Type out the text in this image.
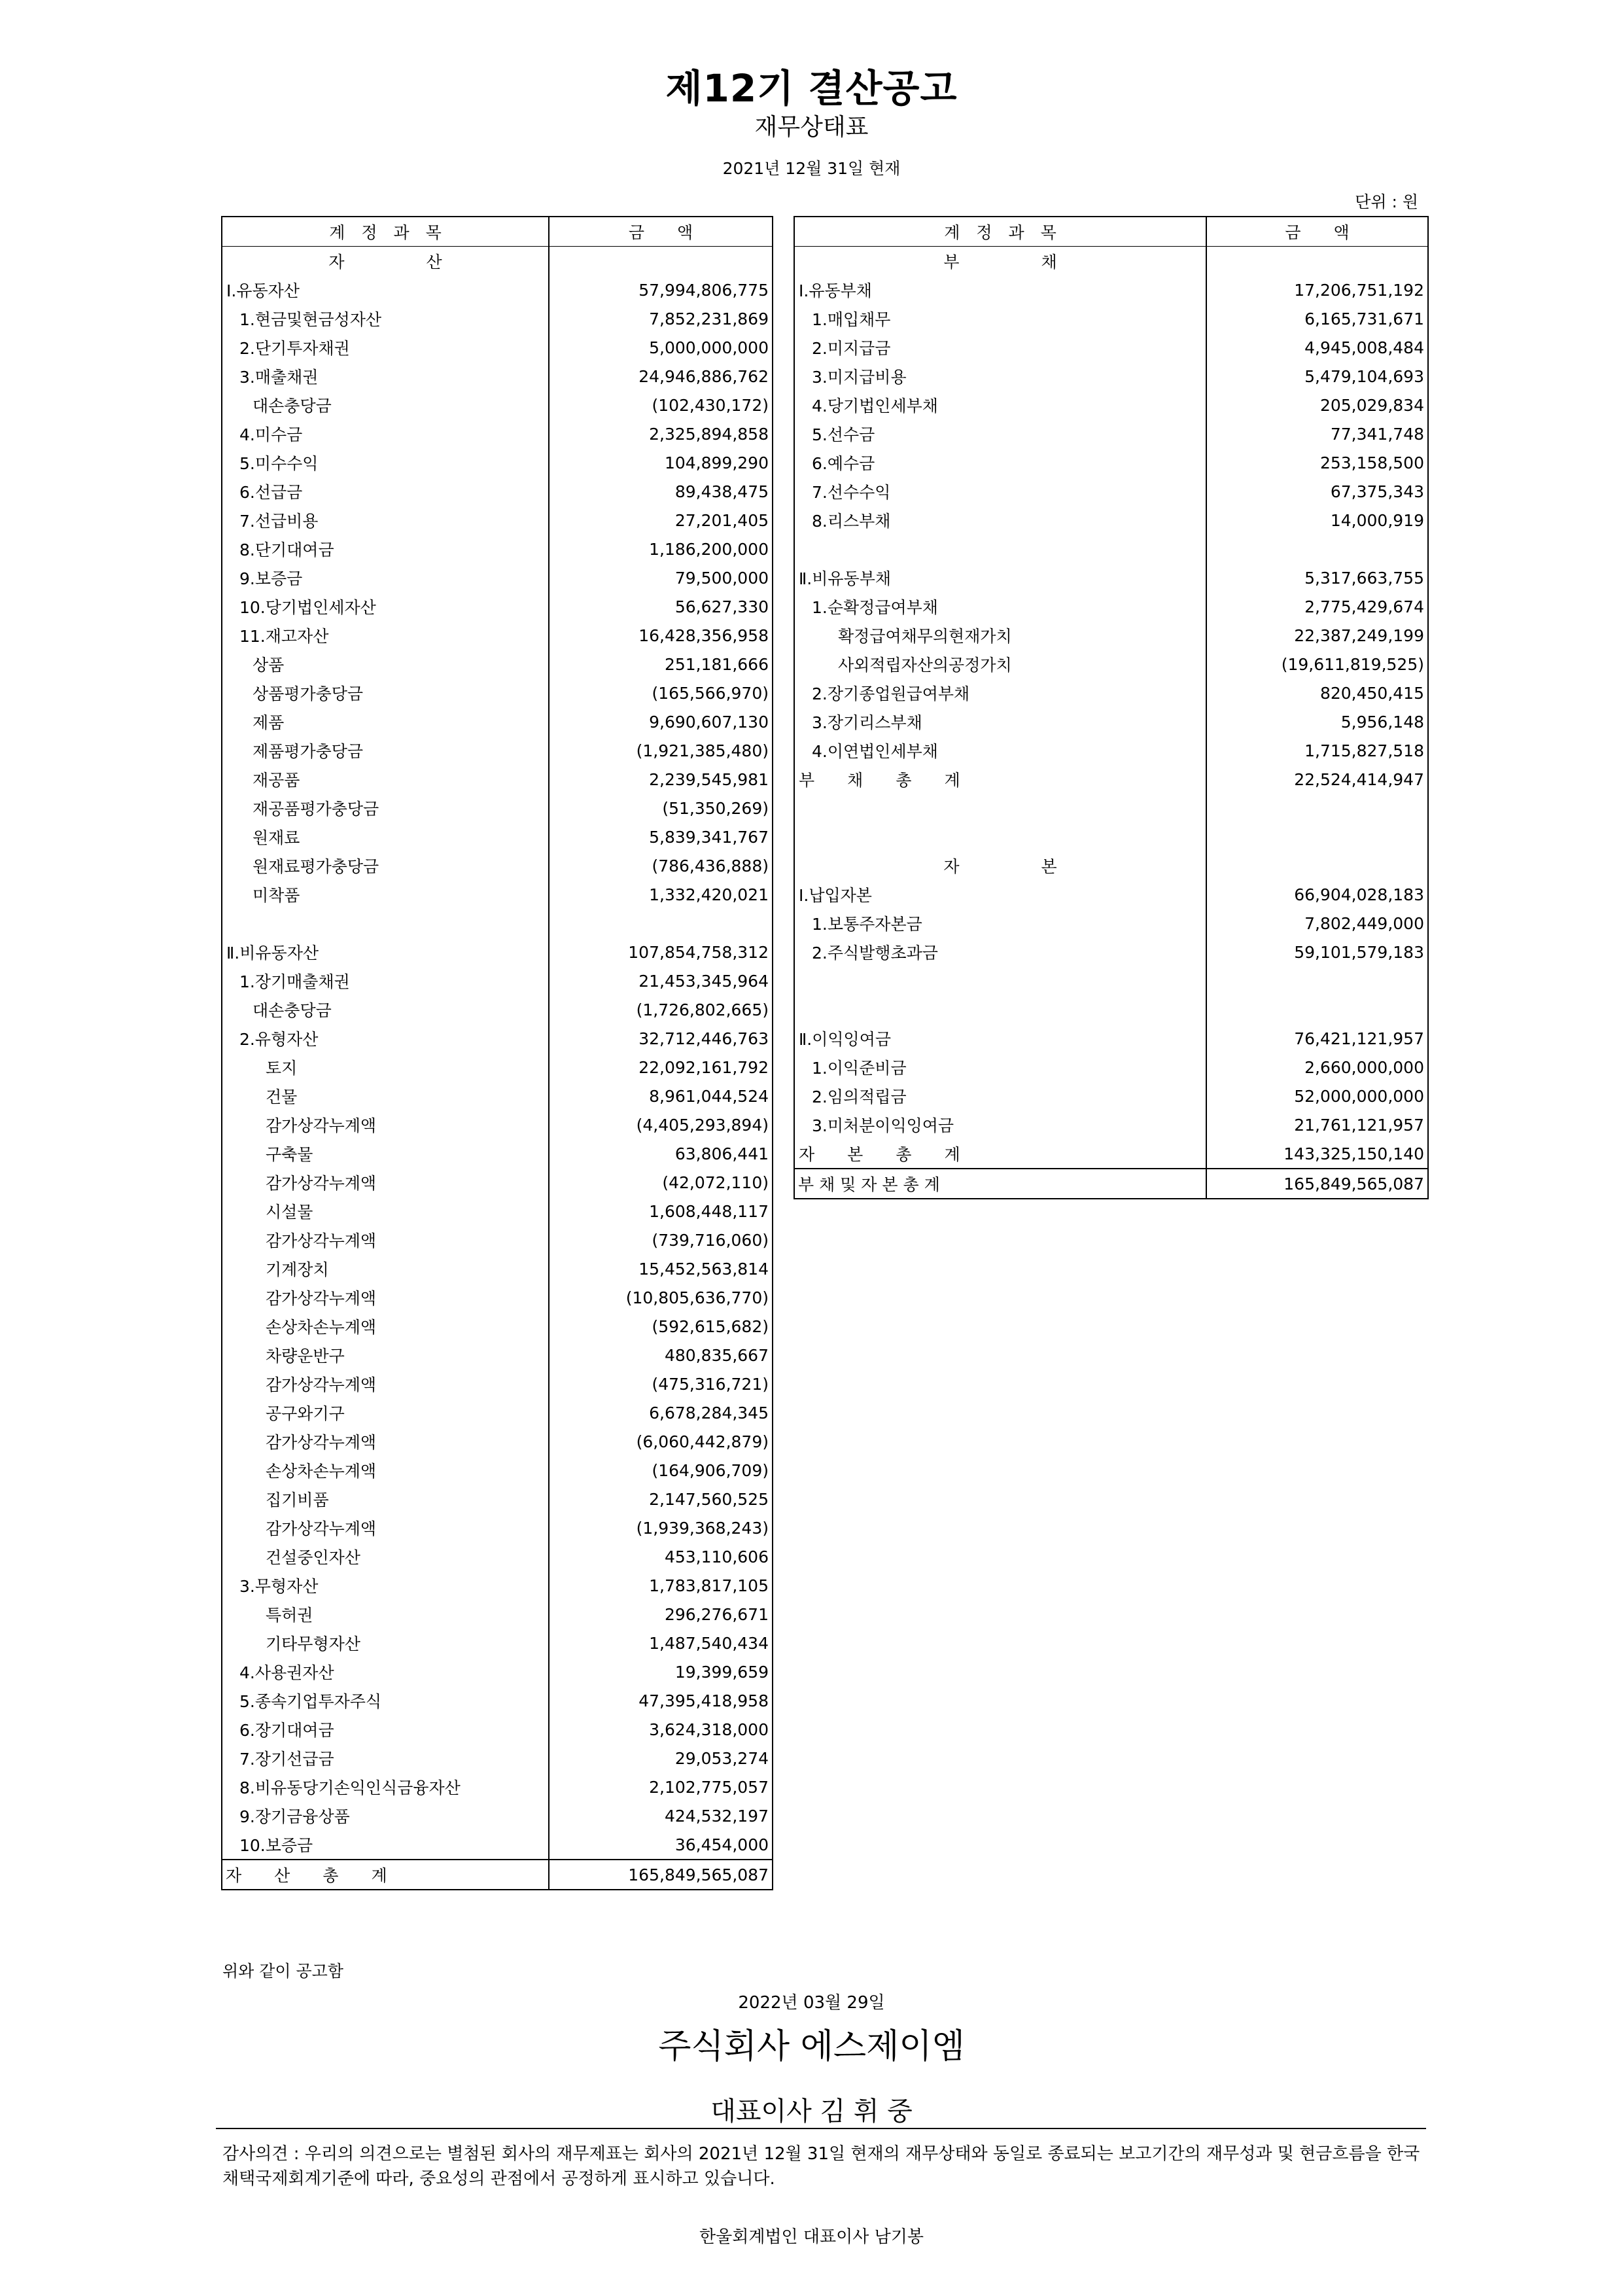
제12기 결산공고
재무상태표
2021년 12월 31일 현재
단위 : 원
계　정　과　목	금　　액
자　　　　　산	
Ⅰ.유동자산	57,994,806,775
1.현금및현금성자산	7,852,231,869
2.단기투자채권	5,000,000,000
3.매출채권	24,946,886,762
대손충당금	(102,430,172)
4.미수금	2,325,894,858
5.미수수익	104,899,290
6.선급금	89,438,475
7.선급비용	27,201,405
8.단기대여금	1,186,200,000
9.보증금	79,500,000
10.당기법인세자산	56,627,330
11.재고자산	16,428,356,958
상품	251,181,666
상품평가충당금	(165,566,970)
제품	9,690,607,130
제품평가충당금	(1,921,385,480)
재공품	2,239,545,981
재공품평가충당금	(51,350,269)
원재료	5,839,341,767
원재료평가충당금	(786,436,888)
미착품	1,332,420,021

Ⅱ.비유동자산	107,854,758,312
1.장기매출채권	21,453,345,964
대손충당금	(1,726,802,665)
2.유형자산	32,712,446,763
토지	22,092,161,792
건물	8,961,044,524
감가상각누계액	(4,405,293,894)
구축물	63,806,441
감가상각누계액	(42,072,110)
시설물	1,608,448,117
감가상각누계액	(739,716,060)
기계장치	15,452,563,814
감가상각누계액	(10,805,636,770)
손상차손누계액	(592,615,682)
차량운반구	480,835,667
감가상각누계액	(475,316,721)
공구와기구	6,678,284,345
감가상각누계액	(6,060,442,879)
손상차손누계액	(164,906,709)
집기비품	2,147,560,525
감가상각누계액	(1,939,368,243)
건설중인자산	453,110,606
3.무형자산	1,783,817,105
특허권	296,276,671
기타무형자산	1,487,540,434
4.사용권자산	19,399,659
5.종속기업투자주식	47,395,418,958
6.장기대여금	3,624,318,000
7.장기선급금	29,053,274
8.비유동당기손익인식금융자산	2,102,775,057
9.장기금융상품	424,532,197
10.보증금	36,454,000
자　　산　　총　　계	165,849,565,087
계　정　과　목	금　　액
부　　　　　채	
Ⅰ.유동부채	17,206,751,192
1.매입채무	6,165,731,671
2.미지급금	4,945,008,484
3.미지급비용	5,479,104,693
4.당기법인세부채	205,029,834
5.선수금	77,341,748
6.예수금	253,158,500
7.선수수익	67,375,343
8.리스부채	14,000,919

Ⅱ.비유동부채	5,317,663,755
1.순확정급여부채	2,775,429,674
확정급여채무의현재가치	22,387,249,199
사외적립자산의공정가치	(19,611,819,525)
2.장기종업원급여부채	820,450,415
3.장기리스부채	5,956,148
4.이연법인세부채	1,715,827,518
부　　채　　총　　계	22,524,414,947

자　　　　　본	
Ⅰ.납입자본	66,904,028,183
1.보통주자본금	7,802,449,000
2.주식발행초과금	59,101,579,183

Ⅱ.이익잉여금	76,421,121,957
1.이익준비금	2,660,000,000
2.임의적립금	52,000,000,000
3.미처분이익잉여금	21,761,121,957
자　　본　　총　　계	143,325,150,140
부 채 및 자 본 총 계	165,849,565,087
위와 같이 공고함
2022년 03월 29일
주식회사 에스제이엠
대표이사 김 휘 중
감사의견 : 우리의 의견으로는 별첨된 회사의 재무제표는 회사의 2021년 12월 31일 현재의 재무상태와 동일로 종료되는 보고기간의 재무성과 및 현금흐름을 한국채택국제회계기준에 따라, 중요성의 관점에서 공정하게 표시하고 있습니다.
한울회계법인 대표이사 남기봉
